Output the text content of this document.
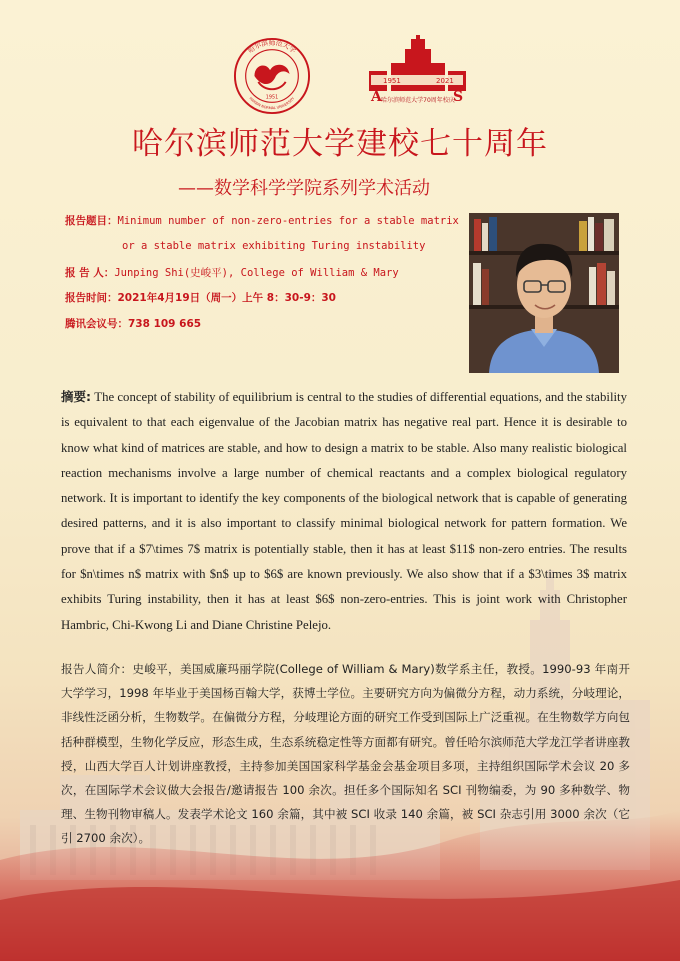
1951
哈尔滨师范大学
HARBIN NORMAL UNIVERSITY
1951	2021
A	S
哈尔滨师范大学70周年校庆
哈尔滨师范大学建校七十周年
——数学科学学院系列学术活动
报告题目：Minimum number of non-zero-entries for a stable matrix
or a stable matrix exhibiting Turing instability
报 告 人：Junping Shi(史峻平), College of William & Mary
报告时间：2021年4月19日（周一）上午 8：30-9：30
腾讯会议号：738 109 665
摘要: The concept of stability of equilibrium is central to the studies of differential equations, and the stability is equivalent to that each eigenvalue of the Jacobian matrix has negative real part. Hence it is desirable to know what kind of matrices are stable, and how to design a matrix to be stable. Also many realistic biological reaction mechanisms involve a large number of chemical reactants and a complex biological regulatory network. It is important to identify the key components of the biological network that is capable of generating desired patterns, and it is also important to classify minimal biological network for pattern formation. We prove that if a $7\times 7$ matrix is potentially stable, then it has at least $11$ non-zero entries. The results for $n\times n$ matrix with $n$ up to $6$ are known previously. We also show that if a $3\times 3$ matrix exhibits Turing instability, then it has at least $6$ non-zero-entries. This is joint work with Christopher Hambric, Chi-Kwong Li and Diane Christine Pelejo.
报告人简介：史峻平，美国威廉玛丽学院(College of William & Mary)数学系主任，教授。1990-93 年南开大学学习，1998 年毕业于美国杨百翰大学，获博士学位。主要研究方向为偏微分方程，动力系统，分岐理论，非线性泛函分析，生物数学。在偏微分方程，分岐理论方面的研究工作受到国际上广泛重视。在生物数学方向包括种群模型，生物化学反应，形态生成，生态系统稳定性等方面都有研究。曾任哈尔滨师范大学龙江学者讲座教授，山西大学百人计划讲座教授，主持参加美国国家科学基金会基金项目多项，主持组织国际学术会议 20 多次，在国际学术会议做大会报告/邀请报告 100 余次。担任多个国际知名 SCI 刊物编委，为 90 多种数学、物理、生物刊物审稿人。发表学术论文 160 余篇，其中被 SCI 收录 140 余篇，被 SCI 杂志引用 3000 余次（它引 2700 余次）。
